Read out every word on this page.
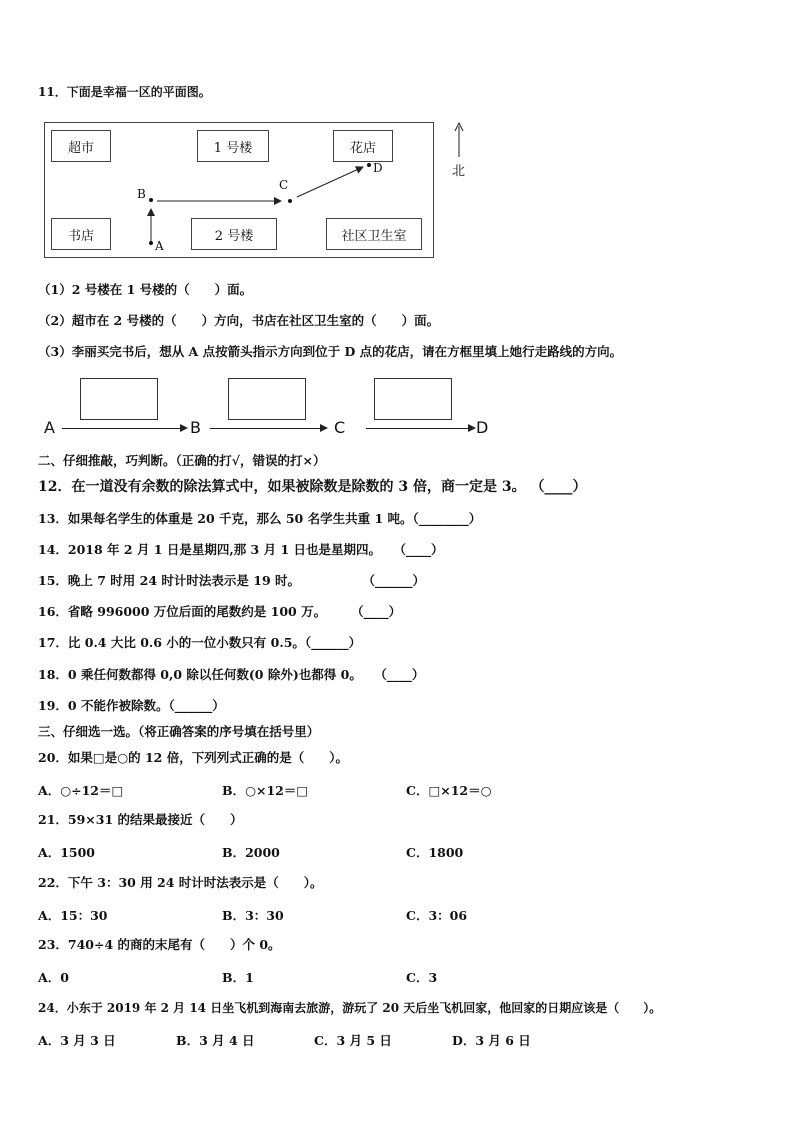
11．下面是幸福一区的平面图。
超市	1 号楼	花店
书店	2 号楼	社区卫生室
A
B
C
D	北
（1）2 号楼在 1 号楼的（　　）面。
（2）超市在 2 号楼的（　　）方向，书店在社区卫生室的（　　）面。
（3）李丽买完书后，想从 A 点按箭头指示方向到位于 D 点的花店，请在方框里填上她行走路线的方向。
A	B	C	D
二、仔细推敲，巧判断。（正确的打√，错误的打×）
12．在一道没有余数的除法算式中，如果被除数是除数的 3 倍，商一定是 3。 （____）
13．如果每名学生的体重是 20 千克，那么 50 名学生共重 1 吨。（________）
14．2018 年 2 月 1 日是星期四,那 3 月 1 日也是星期四。　　（____）
15．晚上 7 时用 24 时计时法表示是 19 时。　　　　　　（______）
16．省略 996000 万位后面的尾数约是 100 万。　　　（____）
17．比 0.4 大比 0.6 小的一位小数只有 0.5。（______）
18．0 乘任何数都得 0,0 除以任何数(0 除外)也都得 0。　　（____）
19．0 不能作被除数。（______）
三、仔细选一选。（将正确答案的序号填在括号里）
20．如果□是○的 12 倍，下列列式正确的是（　　）。
A．○÷12＝□	B．○×12＝□	C．□×12＝○
21．59×31 的结果最接近（　　）
A．1500	B．2000	C．1800
22．下午 3：30 用 24 时计时法表示是（　　）。
A．15：30	B．3：30	C．3：06
23．740÷4 的商的末尾有（　　）个 0。
A．0	B．1	C．3
24．小东于 2019 年 2 月 14 日坐飞机到海南去旅游，游玩了 20 天后坐飞机回家，他回家的日期应该是（　　）。
A．3 月 3 日	B．3 月 4 日	C．3 月 5 日	D．3 月 6 日
